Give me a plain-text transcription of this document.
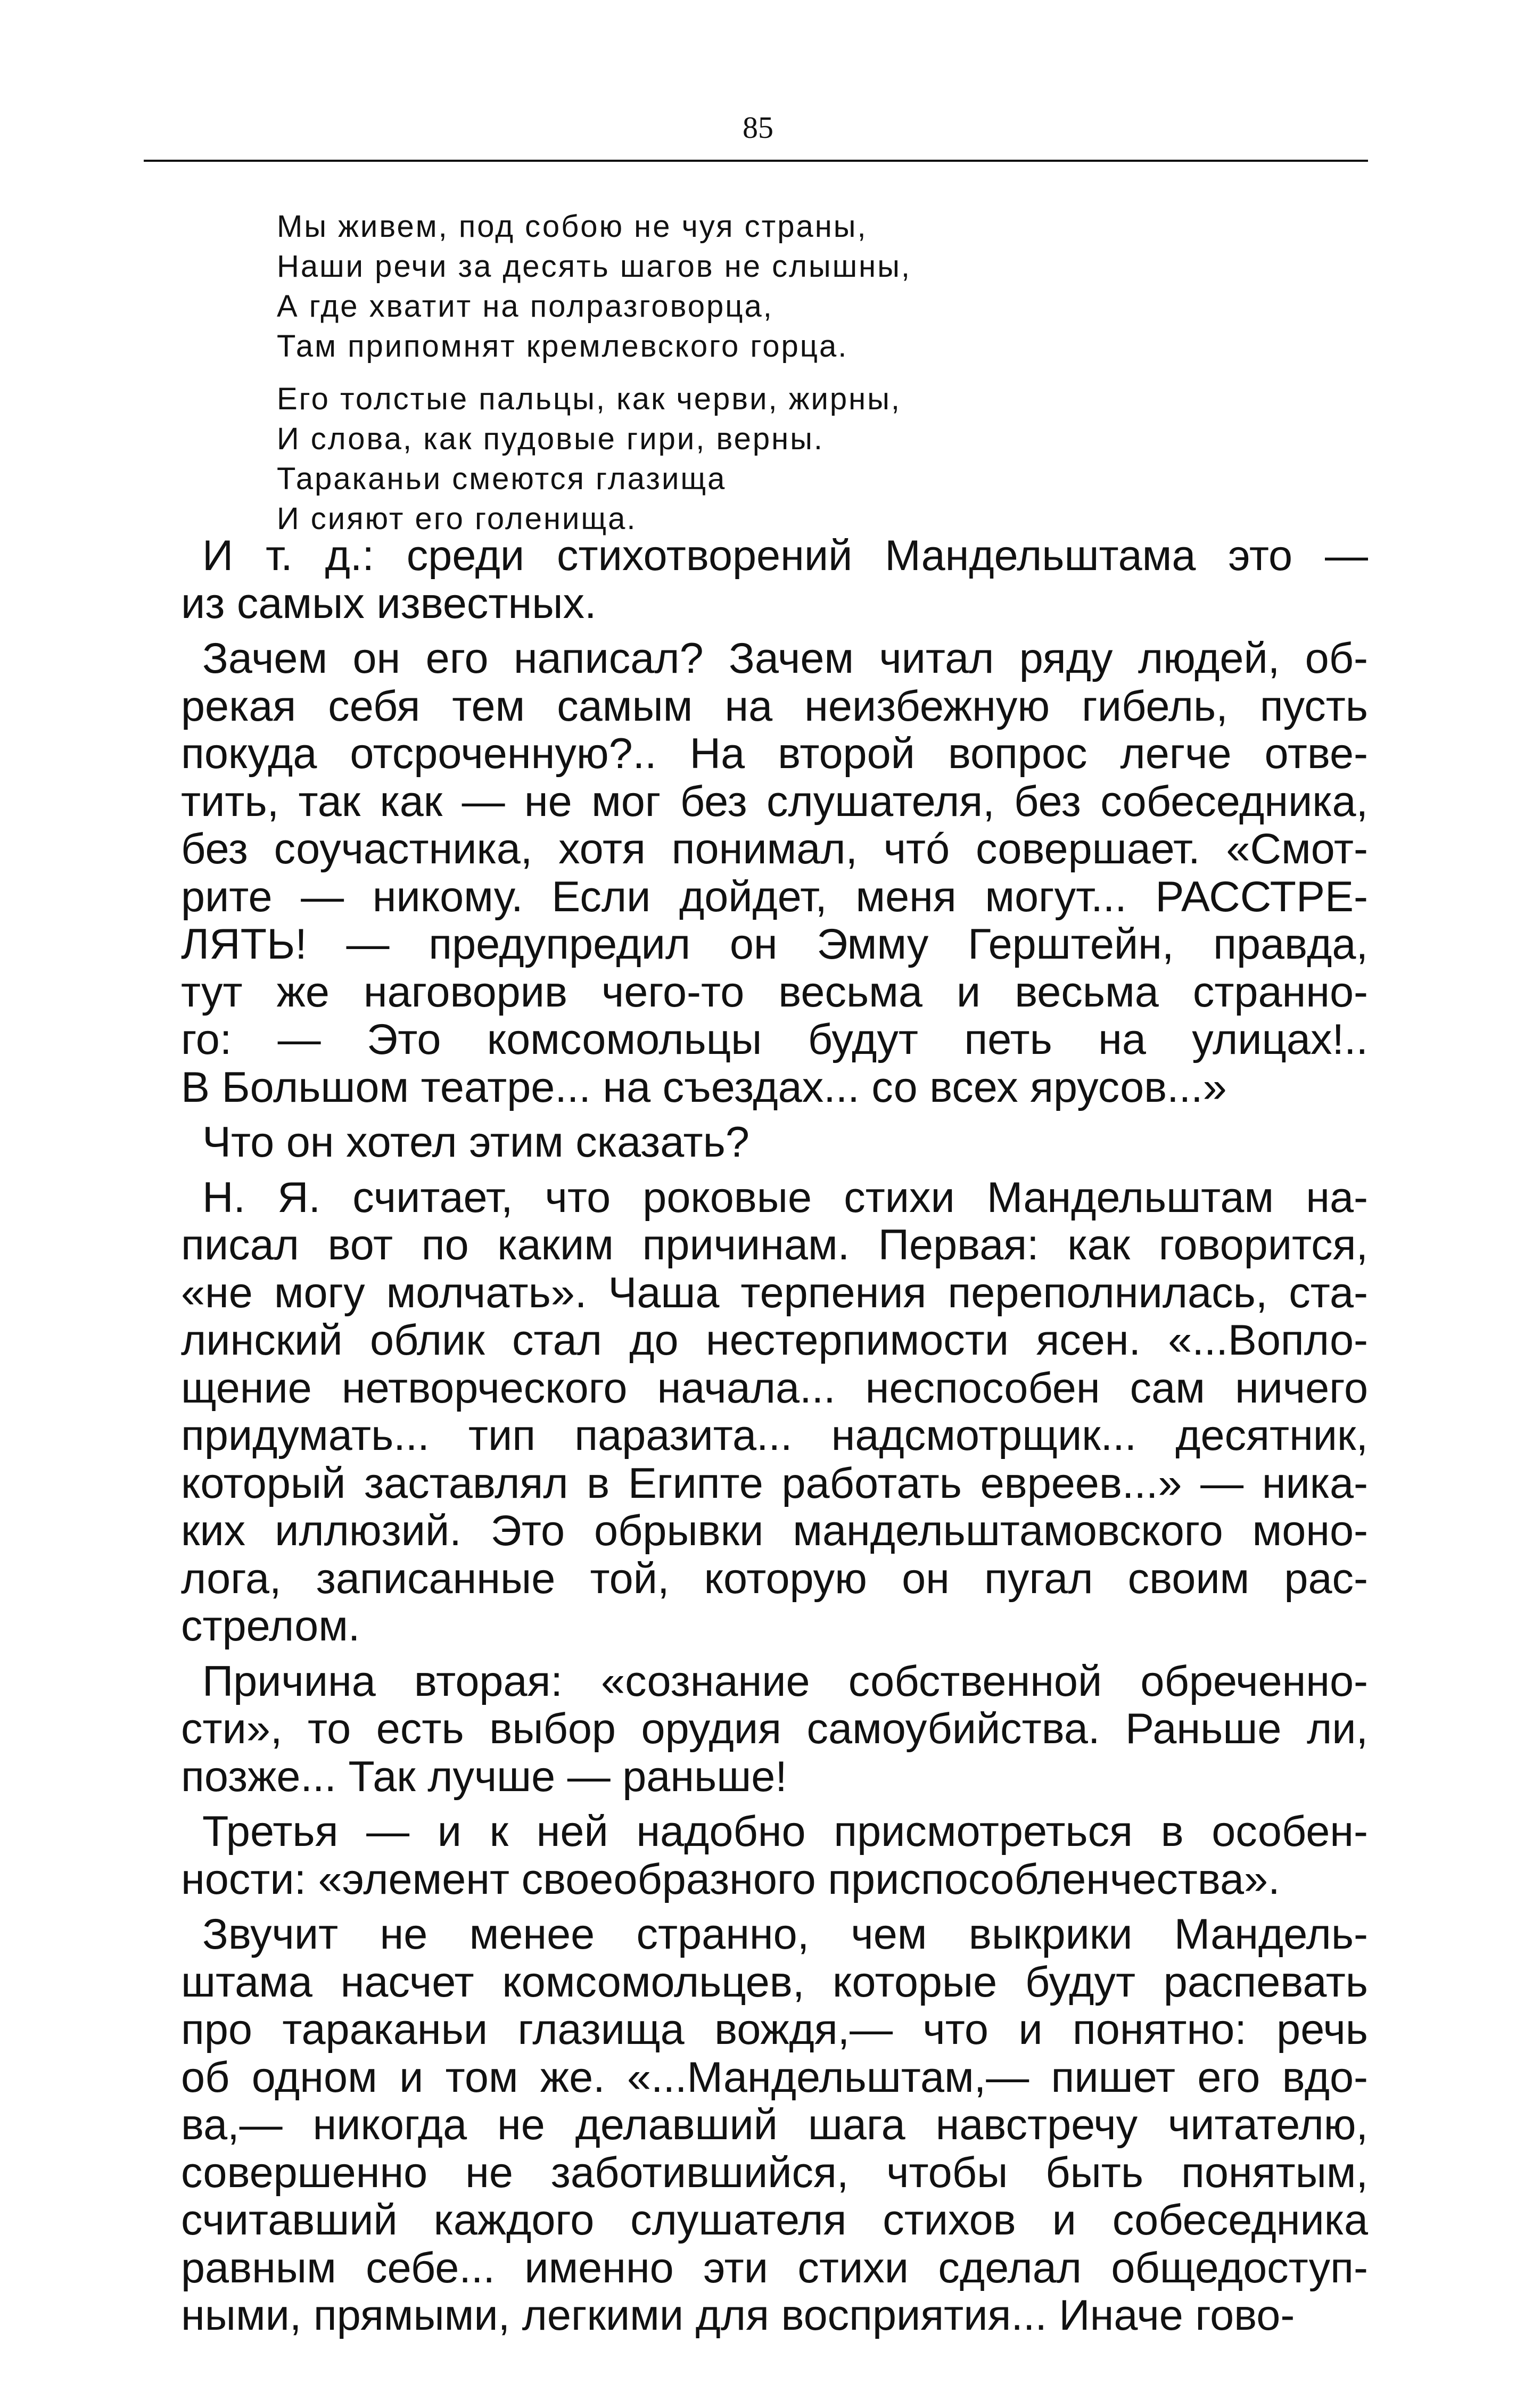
85
Мы живем, под собою не чуя страны,
Наши речи за десять шагов не слышны,
А где хватит на полразговорца,
Там припомнят кремлевского горца.
Его толстые пальцы, как черви, жирны,
И слова, как пудовые гири, верны.
Тараканьи смеются глазища
И сияют его голенища.
И т. д.: среди стихотворений Мандельштама это —
из самых известных.
Зачем он его написал? Зачем читал ряду людей, об-
рекая себя тем самым на неизбежную гибель, пусть
покуда отсроченную?.. На второй вопрос легче отве-
тить, так как — не мог без слушателя, без собеседника,
без соучастника, хотя понимал, чтó совершает. «Смот-
рите — никому. Если дойдет, меня могут... РАССТРЕ-
ЛЯТЬ! — предупредил он Эмму Герштейн, правда,
тут же наговорив чего-то весьма и весьма странно-
го: — Это комсомольцы будут петь на улицах!..
В Большом театре... на съездах... со всех ярусов...»
Что он хотел этим сказать?
Н. Я. считает, что роковые стихи Мандельштам на-
писал вот по каким причинам. Первая: как говорится,
«не могу молчать». Чаша терпения переполнилась, ста-
линский облик стал до нестерпимости ясен. «...Вопло-
щение нетворческого начала... неспособен сам ничего
придумать... тип паразита... надсмотрщик... десятник,
который заставлял в Египте работать евреев...» — ника-
ких иллюзий. Это обрывки мандельштамовского моно-
лога, записанные той, которую он пугал своим рас-
стрелом.
Причина вторая: «сознание собственной обреченно-
сти», то есть выбор орудия самоубийства. Раньше ли,
позже... Так лучше — раньше!
Третья — и к ней надобно присмотреться в особен-
ности: «элемент своеобразного приспособленчества».
Звучит не менее странно, чем выкрики Мандель-
штама насчет комсомольцев, которые будут распевать
про тараканьи глазища вождя,— что и понятно: речь
об одном и том же. «...Мандельштам,— пишет его вдо-
ва,— никогда не делавший шага навстречу читателю,
совершенно не заботившийся, чтобы быть понятым,
считавший каждого слушателя стихов и собеседника
равным себе... именно эти стихи сделал общедоступ-
ными, прямыми, легкими для восприятия... Иначе гово-
